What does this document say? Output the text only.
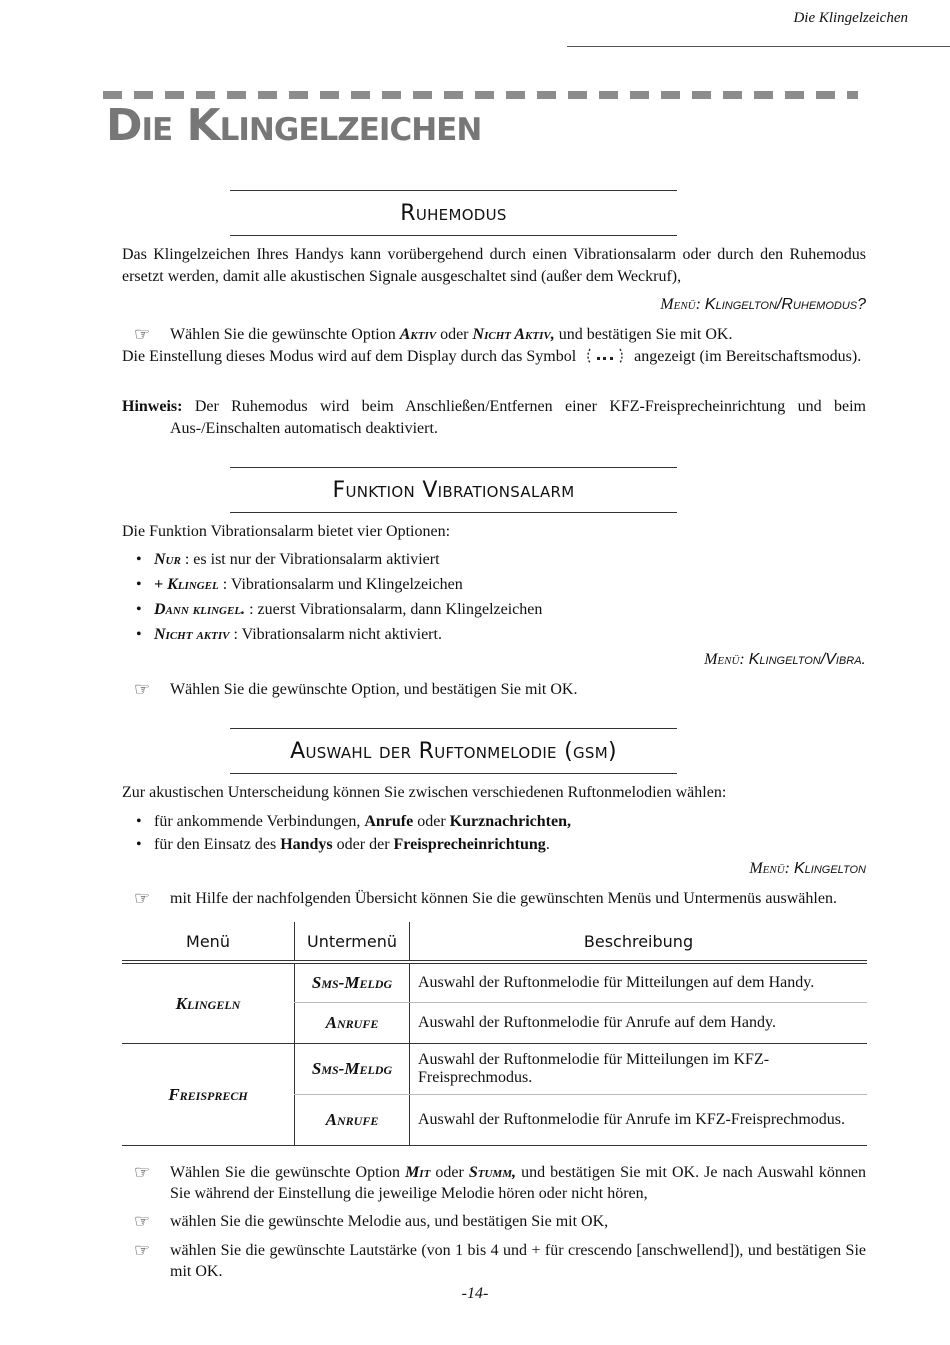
Die Klingelzeichen
Die Klingelzeichen
Ruhemodus

Das Klingelzeichen Ihres Handys kann vorübergehend durch einen Vibrationsalarm oder durch den Ruhemodus ersetzt werden, damit alle akustischen Signale ausgeschaltet sind (außer dem Weckruf),

Menü: Klingelton/Ruhemodus?
☞ Wählen Sie die gewünschte Option Aktiv oder Nicht Aktiv, und bestätigen Sie mit OK.

Die Einstellung dieses Modus wird auf dem Display durch das Symbol	angezeigt (im Bereitschaftsmodus).

Hinweis: Der Ruhemodus wird beim Anschließen/Entfernen einer KFZ-Freisprecheinrichtung und beim Aus-/Einschalten automatisch deaktiviert.

Funktion Vibrationsalarm

Die Funktion Vibrationsalarm bietet vier Optionen:

• Nur : es ist nur der Vibrationsalarm aktiviert
• + Klingel : Vibrationsalarm und Klingelzeichen
• Dann klingel. : zuerst Vibrationsalarm, dann Klingelzeichen
• Nicht aktiv : Vibrationsalarm nicht aktiviert.
Menü: Klingelton/Vibra.
☞ Wählen Sie die gewünschte Option, und bestätigen Sie mit OK.
Auswahl der Ruftonmelodie (gsm)

Zur akustischen Unterscheidung können Sie zwischen verschiedenen Ruftonmelodien wählen:

• für ankommende Verbindungen, Anrufe oder Kurznachrichten,
• für den Einsatz des Handys oder der Freisprecheinrichtung.
Menü: Klingelton
☞ mit Hilfe der nachfolgenden Übersicht können Sie die gewünschten Menüs und Untermenüs auswählen.
Menü	Untermenü	Beschreibung
Klingeln	Sms-Meldg	Auswahl der Ruftonmelodie für Mitteilungen auf dem Handy.
	Anrufe	Auswahl der Ruftonmelodie für Anrufe auf dem Handy.
Freisprech	Sms-Meldg	Auswahl der Ruftonmelodie für Mitteilungen im KFZ-Freisprechmodus.
	Anrufe	Auswahl der Ruftonmelodie für Anrufe im KFZ-Freisprechmodus.
☞ Wählen Sie die gewünschte Option Mit oder Stumm, und bestätigen Sie mit OK. Je nach Auswahl können Sie während der Einstellung die jeweilige Melodie hören oder nicht hören,
☞ wählen Sie die gewünschte Melodie aus, und bestätigen Sie mit OK,
☞ wählen Sie die gewünschte Lautstärke (von 1 bis 4 und + für crescendo [anschwellend]), und bestätigen Sie mit OK.
-14-
